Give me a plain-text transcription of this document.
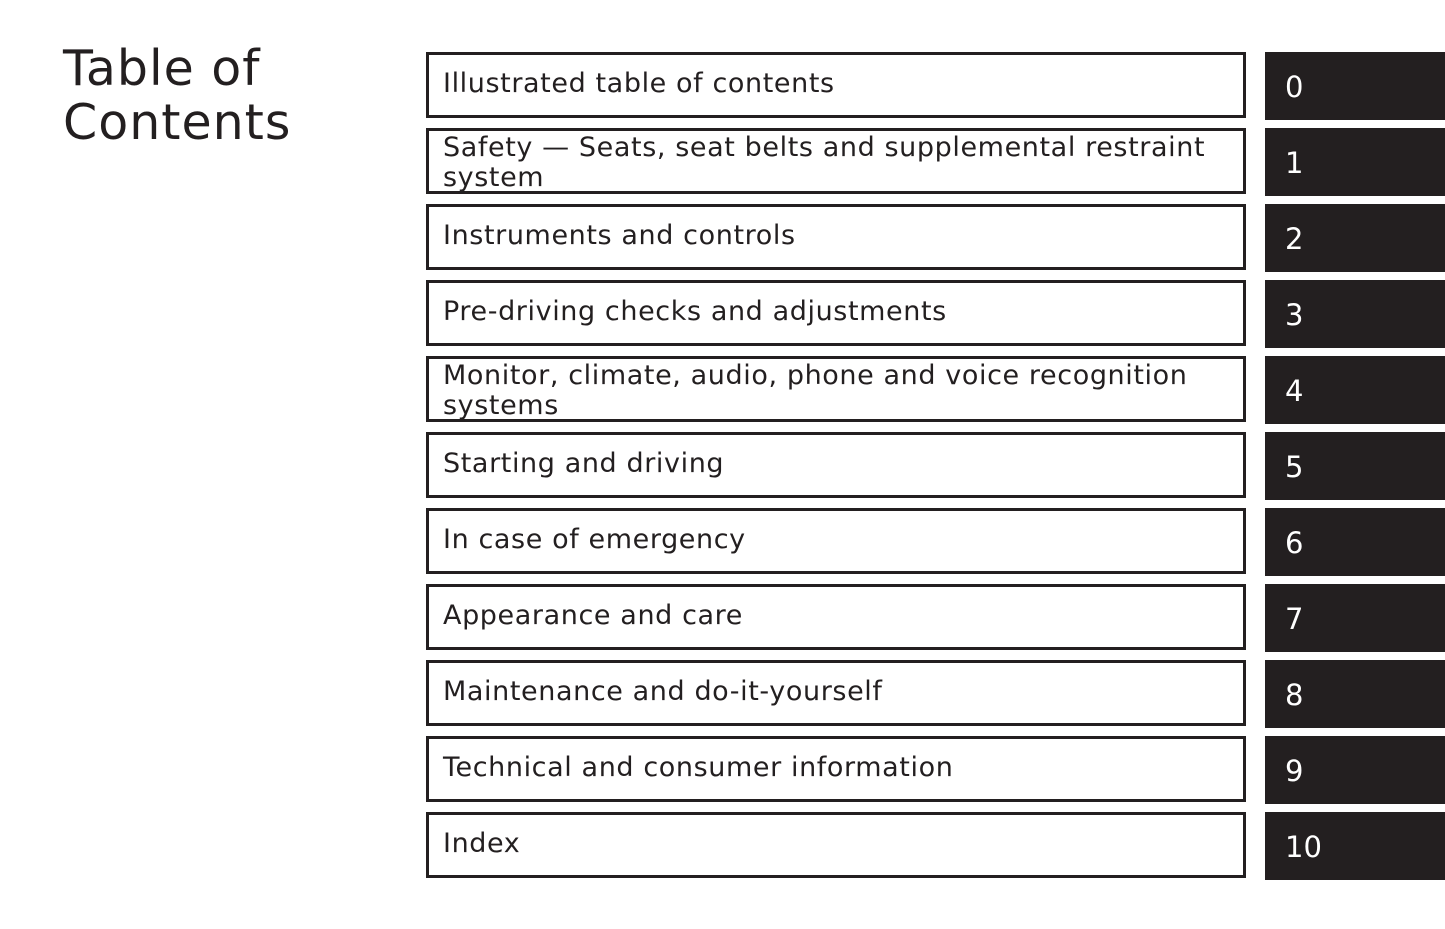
Table of
Contents
Illustrated table of contents	0
Safety — Seats, seat belts and supplemental restraint
system	1
Instruments and controls	2
Pre-driving checks and adjustments	3
Monitor, climate, audio, phone and voice recognition
systems	4
Starting and driving	5
In case of emergency	6
Appearance and care	7
Maintenance and do-it-yourself	8
Technical and consumer information	9
Index	10
